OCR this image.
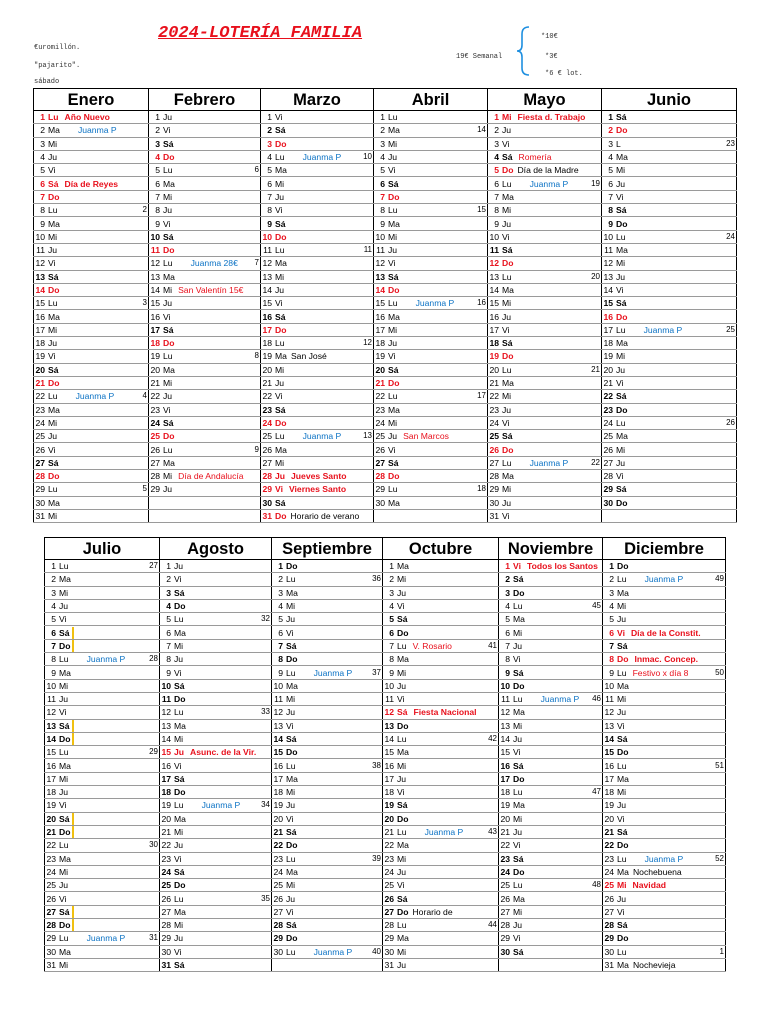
2024-LOTERÍA FAMILIA
€uromillón.
"pajarito".
sábado
19€ Semanal
*10€
*3€
*6 € lot.
Enero	Febrero	Marzo	Abril	Mayo	Junio

1 Lu Año Nuevo	1 Ju	1 Vi	1 Lu	1 Mi Fiesta d. Trabajo	1 Sá

2 Ma Juanma P	2 Vi	2 Sá	2 Ma 14	2 Ju	2 Do

3 Mi	3 Sá	3 Do	3 Mi	3 Vi	3 L 23

4 Ju	4 Do	4 Lu Juanma P 10	4 Ju	4 Sá Romería	4 Ma

5 Vi	5 Lu 6	5 Ma	5 Vi	5 Do Día de la Madre	5 Mi

6 Sá Día de Reyes	6 Ma	6 Mi	6 Sá	6 Lu Juanma P 19	6 Ju

7 Do	7 Mi	7 Ju	7 Do	7 Ma	7 Vi

8 Lu 2	8 Ju	8 Vi	8 Lu 15	8 Mi	8 Sá

9 Ma	9 Vi	9 Sá	9 Ma	9 Ju	9 Do

10 Mi	10 Sá	10 Do	10 Mi	10 Vi	10 Lu 24

11 Ju	11 Do	11 Lu 11	11 Ju	11 Sá	11 Ma

12 Vi	12 Lu Juanma 28€ 7	12 Ma	12 Vi	12 Do	12 Mi

13 Sá	13 Ma	13 Mi	13 Sá	13 Lu 20	13 Ju

14 Do	14 Mi San Valentín 15€	14 Ju	14 Do	14 Ma	14 Vi

15 Lu 3	15 Ju	15 Vi	15 Lu Juanma P 16	15 Mi	15 Sá

16 Ma	16 Vi	16 Sá	16 Ma	16 Ju	16 Do

17 Mi	17 Sá	17 Do	17 Mi	17 Vi	17 Lu Juanma P 25

18 Ju	18 Do	18 Lu 12	18 Ju	18 Sá	18 Ma

19 Vi	19 Lu 8	19 Ma San José	19 Vi	19 Do	19 Mi

20 Sá	20 Ma	20 Mi	20 Sá	20 Lu 21	20 Ju

21 Do	21 Mi	21 Ju	21 Do	21 Ma	21 Vi

22 Lu Juanma P 4	22 Ju	22 Vi	22 Lu 17	22 Mi	22 Sá

23 Ma	23 Vi	23 Sá	23 Ma	23 Ju	23 Do

24 Mi	24 Sá	24 Do	24 Mi	24 Vi	24 Lu 26

25 Ju	25 Do	25 Lu Juanma P 13	25 Ju San Marcos	25 Sá	25 Ma

26 Vi	26 Lu 9	26 Ma	26 Vi	26 Do	26 Mi

27 Sá	27 Ma	27 Mi	27 Sá	27 Lu Juanma P 22	27 Ju

28 Do	28 Mi Día de Andalucía	28 Ju Jueves Santo	28 Do	28 Ma	28 Vi

29 Lu 5	29 Ju	29 Vi Viernes Santo	29 Lu 18	29 Mi	29 Sá

30 Ma		30 Sá	30 Ma	30 Ju	30 Do

31 Mi		31 Do Horario de verano		31 Vi	

Julio	Agosto	Septiembre	Octubre	Noviembre	Diciembre

1 Lu 27	1 Ju	1 Do	1 Ma	1 Vi Todos los Santos	1 Do

2 Ma	2 Vi	2 Lu 36	2 Mi	2 Sá	2 Lu Juanma P 49

3 Mi	3 Sá	3 Ma	3 Ju	3 Do	3 Ma

4 Ju	4 Do	4 Mi	4 Vi	4 Lu 45	4 Mi

5 Vi	5 Lu 32	5 Ju	5 Sá	5 Ma	5 Ju

6 Sá	6 Ma	6 Vi	6 Do	6 Mi	6 Vi Día de la Constit.

7 Do	7 Mi	7 Sá	7 Lu V. Rosario 41	7 Ju	7 Sá

8 Lu Juanma P 28	8 Ju	8 Do	8 Ma	8 Vi	8 Do Inmac. Concep.

9 Ma	9 Vi	9 Lu Juanma P 37	9 Mi	9 Sá	9 Lu Festivo x día 8 50

10 Mi	10 Sá	10 Ma	10 Ju	10 Do	10 Ma

11 Ju	11 Do	11 Mi	11 Vi	11 Lu Juanma P 46	11 Mi

12 Vi	12 Lu 33	12 Ju	12 Sá Fiesta Nacional	12 Ma	12 Ju

13 Sá	13 Ma	13 Vi	13 Do	13 Mi	13 Vi

14 Do	14 Mi	14 Sá	14 Lu 42	14 Ju	14 Sá

15 Lu 29	15 Ju Asunc. de la Vir.	15 Do	15 Ma	15 Vi	15 Do

16 Ma	16 Vi	16 Lu 38	16 Mi	16 Sá	16 Lu 51

17 Mi	17 Sá	17 Ma	17 Ju	17 Do	17 Ma

18 Ju	18 Do	18 Mi	18 Vi	18 Lu 47	18 Mi

19 Vi	19 Lu Juanma P 34	19 Ju	19 Sá	19 Ma	19 Ju

20 Sá	20 Ma	20 Vi	20 Do	20 Mi	20 Vi

21 Do	21 Mi	21 Sá	21 Lu Juanma P 43	21 Ju	21 Sá

22 Lu 30	22 Ju	22 Do	22 Ma	22 Vi	22 Do

23 Ma	23 Vi	23 Lu 39	23 Mi	23 Sá	23 Lu Juanma P 52

24 Mi	24 Sá	24 Ma	24 Ju	24 Do	24 Ma Nochebuena

25 Ju	25 Do	25 Mi	25 Vi	25 Lu 48	25 Mi Navidad

26 Vi	26 Lu 35	26 Ju	26 Sá	26 Ma	26 Ju

27 Sá	27 Ma	27 Vi	27 Do Horario de	27 Mi	27 Vi

28 Do	28 Mi	28 Sá	28 Lu 44	28 Ju	28 Sá

29 Lu Juanma P 31	29 Ju	29 Do	29 Ma	29 Vi	29 Do

30 Ma	30 Vi	30 Lu Juanma P 40	30 Mi	30 Sá	30 Lu 1

31 Mi	31 Sá		31 Ju		31 Ma Nochevieja
